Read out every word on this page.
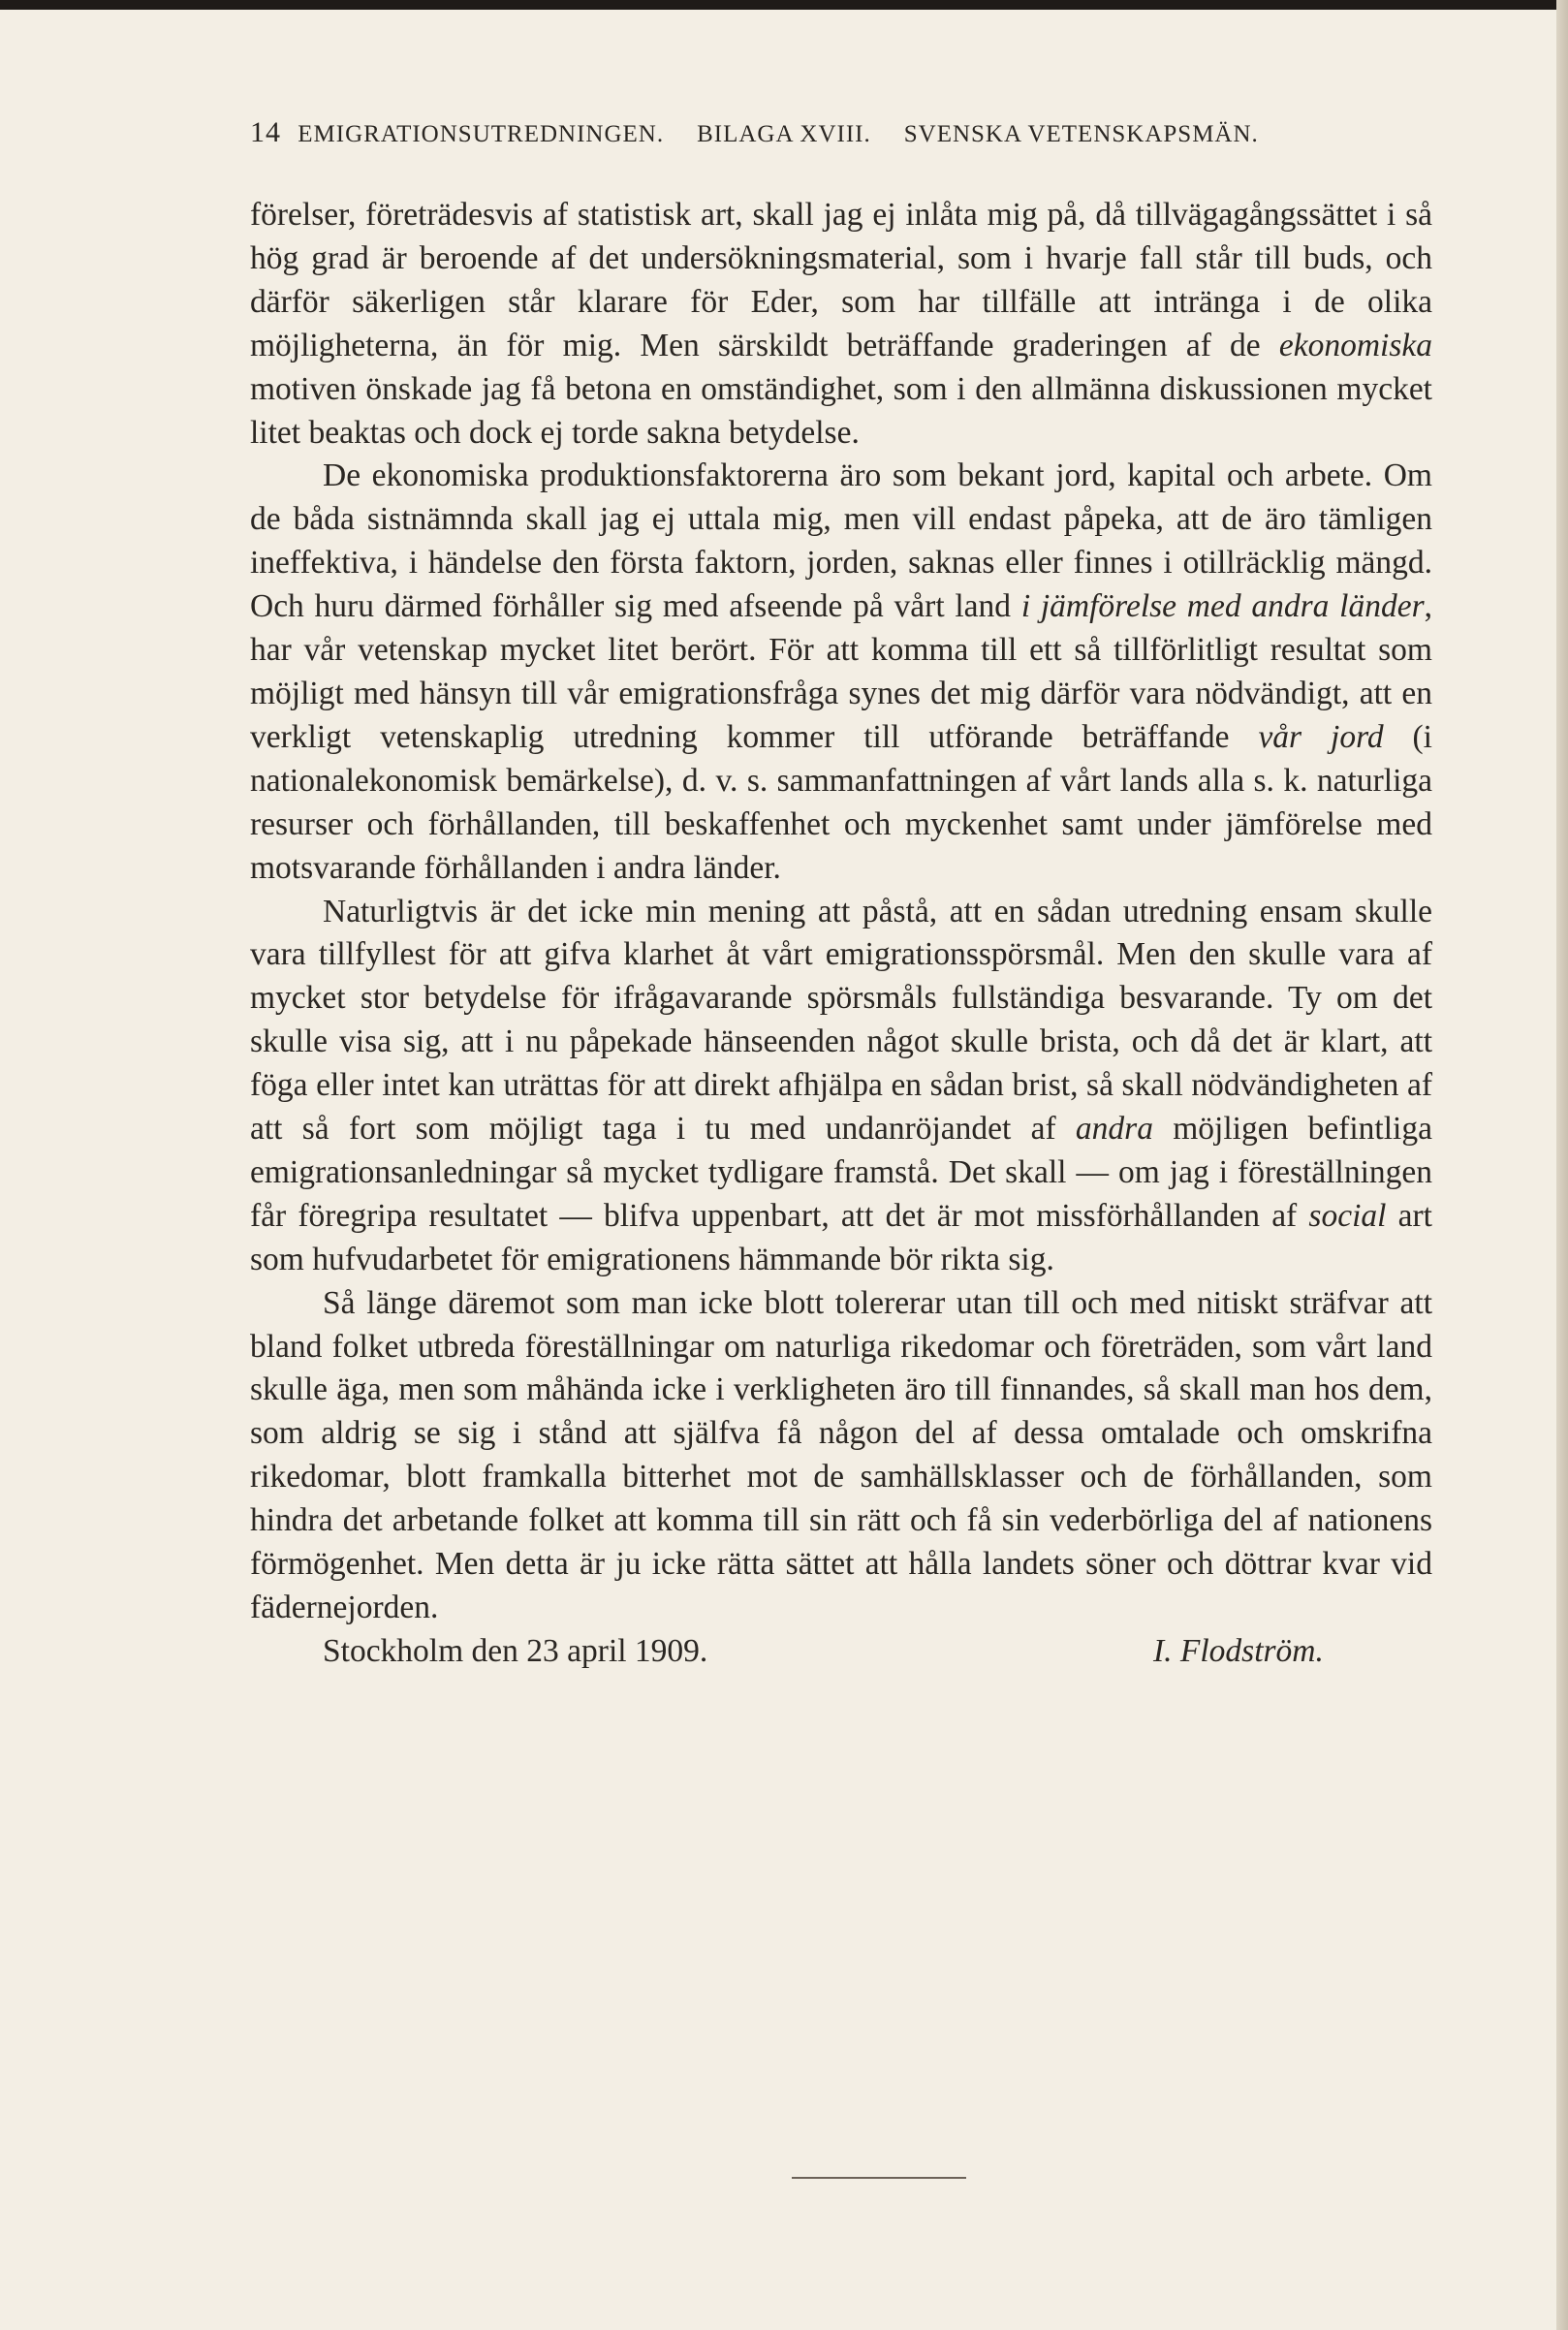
14 EMIGRATIONSUTREDNINGEN. BILAGA XVIII. SVENSKA VETENSKAPSMÄN.

förelser, företrädesvis af statistisk art, skall jag ej inlåta mig på, då tillvägagångssättet i så hög grad är beroende af det undersökningsmaterial, som i hvarje fall står till buds, och därför säkerligen står klarare för Eder, som har tillfälle att intränga i de olika möjligheterna, än för mig. Men särskildt beträffande graderingen af de ekonomiska motiven önskade jag få betona en omständighet, som i den allmänna diskussionen mycket litet beaktas och dock ej torde sakna betydelse.

De ekonomiska produktionsfaktorerna äro som bekant jord, kapital och arbete. Om de båda sistnämnda skall jag ej uttala mig, men vill endast påpeka, att de äro tämligen ineffektiva, i händelse den första faktorn, jorden, saknas eller finnes i otillräcklig mängd. Och huru därmed förhåller sig med afseende på vårt land i jämförelse med andra länder, har vår vetenskap mycket litet berört. För att komma till ett så tillförlitligt resultat som möjligt med hänsyn till vår emigrationsfråga synes det mig därför vara nödvändigt, att en verkligt vetenskaplig utredning kommer till utförande beträffande vår jord (i nationalekonomisk bemärkelse), d. v. s. sammanfattningen af vårt lands alla s. k. naturliga resurser och förhållanden, till beskaffenhet och myckenhet samt under jämförelse med motsvarande förhållanden i andra länder.

Naturligtvis är det icke min mening att påstå, att en sådan utredning ensam skulle vara tillfyllest för att gifva klarhet åt vårt emigrationsspörsmål. Men den skulle vara af mycket stor betydelse för ifrågavarande spörsmåls fullständiga besvarande. Ty om det skulle visa sig, att i nu påpekade hänseenden något skulle brista, och då det är klart, att föga eller intet kan uträttas för att direkt afhjälpa en sådan brist, så skall nödvändigheten af att så fort som möjligt taga i tu med undanröjandet af andra möjligen befintliga emigrationsanledningar så mycket tydligare framstå. Det skall — om jag i föreställningen får föregripa resultatet — blifva uppenbart, att det är mot missförhållanden af social art som hufvudarbetet för emigrationens hämmande bör rikta sig.

Så länge däremot som man icke blott tolererar utan till och med nitiskt sträfvar att bland folket utbreda föreställningar om naturliga rikedomar och företräden, som vårt land skulle äga, men som måhända icke i verkligheten äro till finnandes, så skall man hos dem, som aldrig se sig i stånd att själfva få någon del af dessa omtalade och omskrifna rikedomar, blott framkalla bitterhet mot de samhällsklasser och de förhållanden, som hindra det arbetande folket att komma till sin rätt och få sin vederbörliga del af nationens förmögenhet. Men detta är ju icke rätta sättet att hålla landets söner och döttrar kvar vid fädernejorden.

Stockholm den 23 april 1909.	I. Flodström.
